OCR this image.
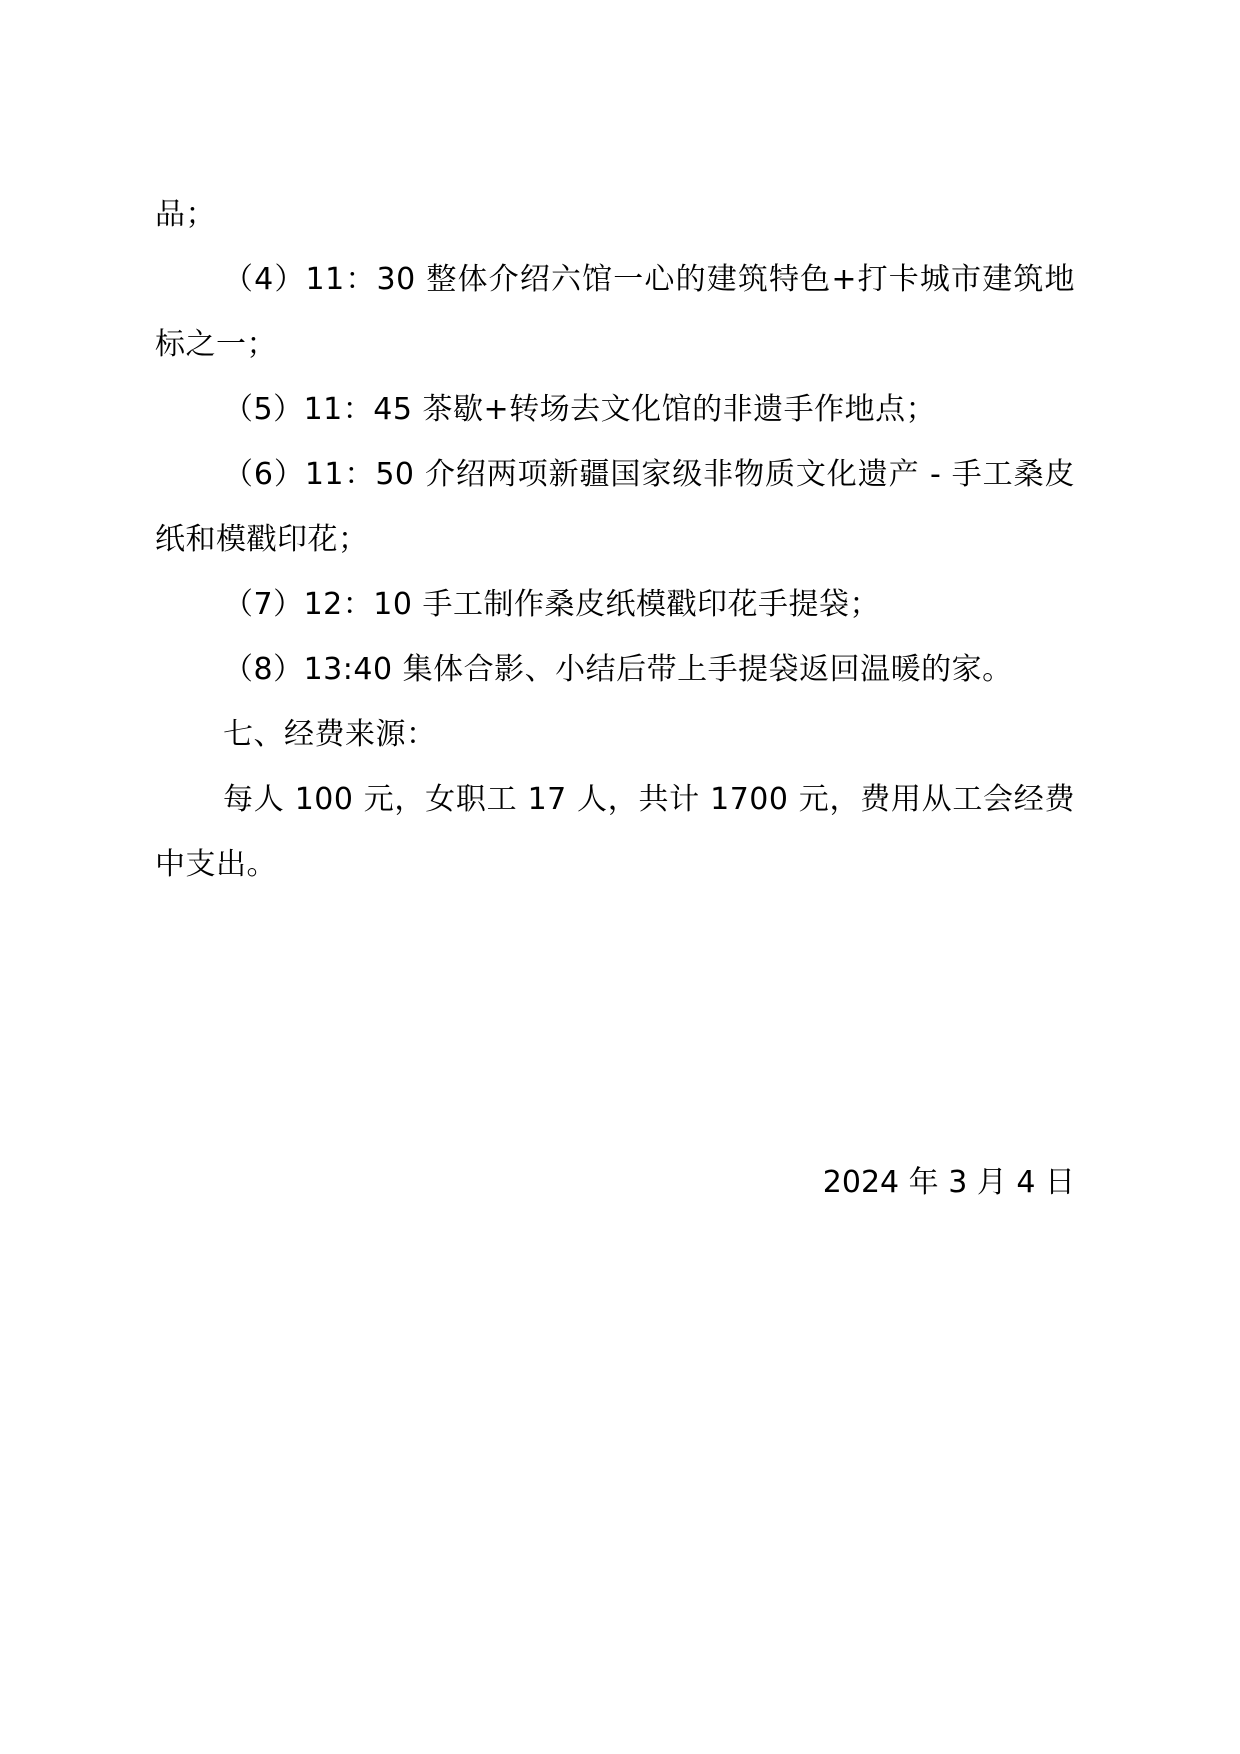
品；

（4）11：30 整体介绍六馆一心的建筑特色+打卡城市建筑地标之一；

（5）11：45 茶歇+转场去文化馆的非遗手作地点；

（6）11：50 介绍两项新疆国家级非物质文化遗产 - 手工桑皮纸和模戳印花；

（7）12：10 手工制作桑皮纸模戳印花手提袋；

（8）13:40 集体合影、小结后带上手提袋返回温暖的家。

七、经费来源：

每人 100 元，女职工 17 人，共计 1700 元，费用从工会经费中支出。

2024 年 3 月 4 日
